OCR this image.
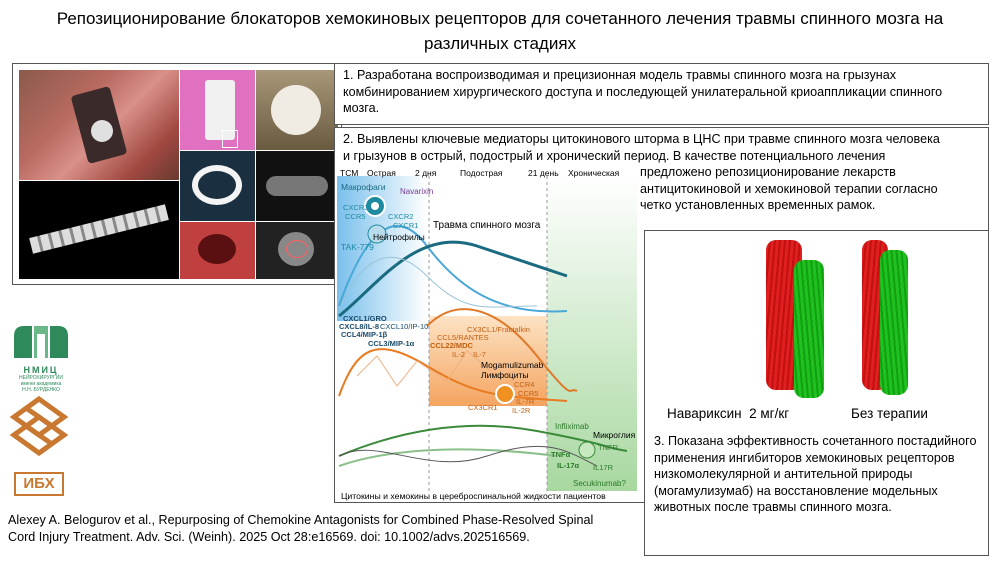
Репозиционирование блокаторов хемокиновых рецепторов для сочетанного лечения травмы спинного мозга на различных стадиях
1. Разработана воспроизводимая и прецизионная модель травмы спинного мозга на грызунах комбинированием хирургического доступа и последующей унилатеральной криоаппликации спинного мозга.
2. Выявлены ключевые медиаторы цитокинового шторма в ЦНС при травме спинного мозга человека
и грызунов в острый, подострый и хронический период. В качестве потенциального лечения
предложено репозиционирование лекарств антицитокиновой и хемокиновой терапии согласно четко установленных временных рамок.
ТСМ Острая 2 дня	Подострая	21 день Хроническая
Макрофаги Navarixin
CXCR3
CCR5	CXCR2
CXCR1
TAK-779
Нейтрофилы
Травма спинного мозга
CXCL1/GRO
CXCL8/IL-8 CXCL10/IP-10
CCL4/MIP-1β
CCL3/MIP-1α
CX3CL1/Fractalkin
CCL5/RANTES
CCL22/MDC
IL-2 IL-7
Mogamulizumab
Лимфоциты
CCR4
CCR5
IL-7R
IL-2R
CX3CR1
Infliximab
Микроглия
TNFα
TNFR
IL-17α IL17R
Secukinumab?
Цитокины и хемокины в цереброспинальной жидкости пациентов
Навариксин  2 мг/кг	Без терапии
3. Показана эффективность сочетанного постадийного применения ингибиторов хемокиновых рецепторов низкомолекулярной и антительной природы (могамулизумаб) на восстановление модельных животных после травмы спинного мозга.
НМИЦ
НЕЙРОХИРУРГИИ
имени академика
Н.Н. БУРДЕНКО
ИБХ
Alexey A. Belogurov et al., Repurposing of Chemokine Antagonists for Combined Phase-Resolved Spinal Cord Injury Treatment. Adv. Sci. (Weinh). 2025 Oct 28:e16569. doi: 10.1002/advs.202516569.
